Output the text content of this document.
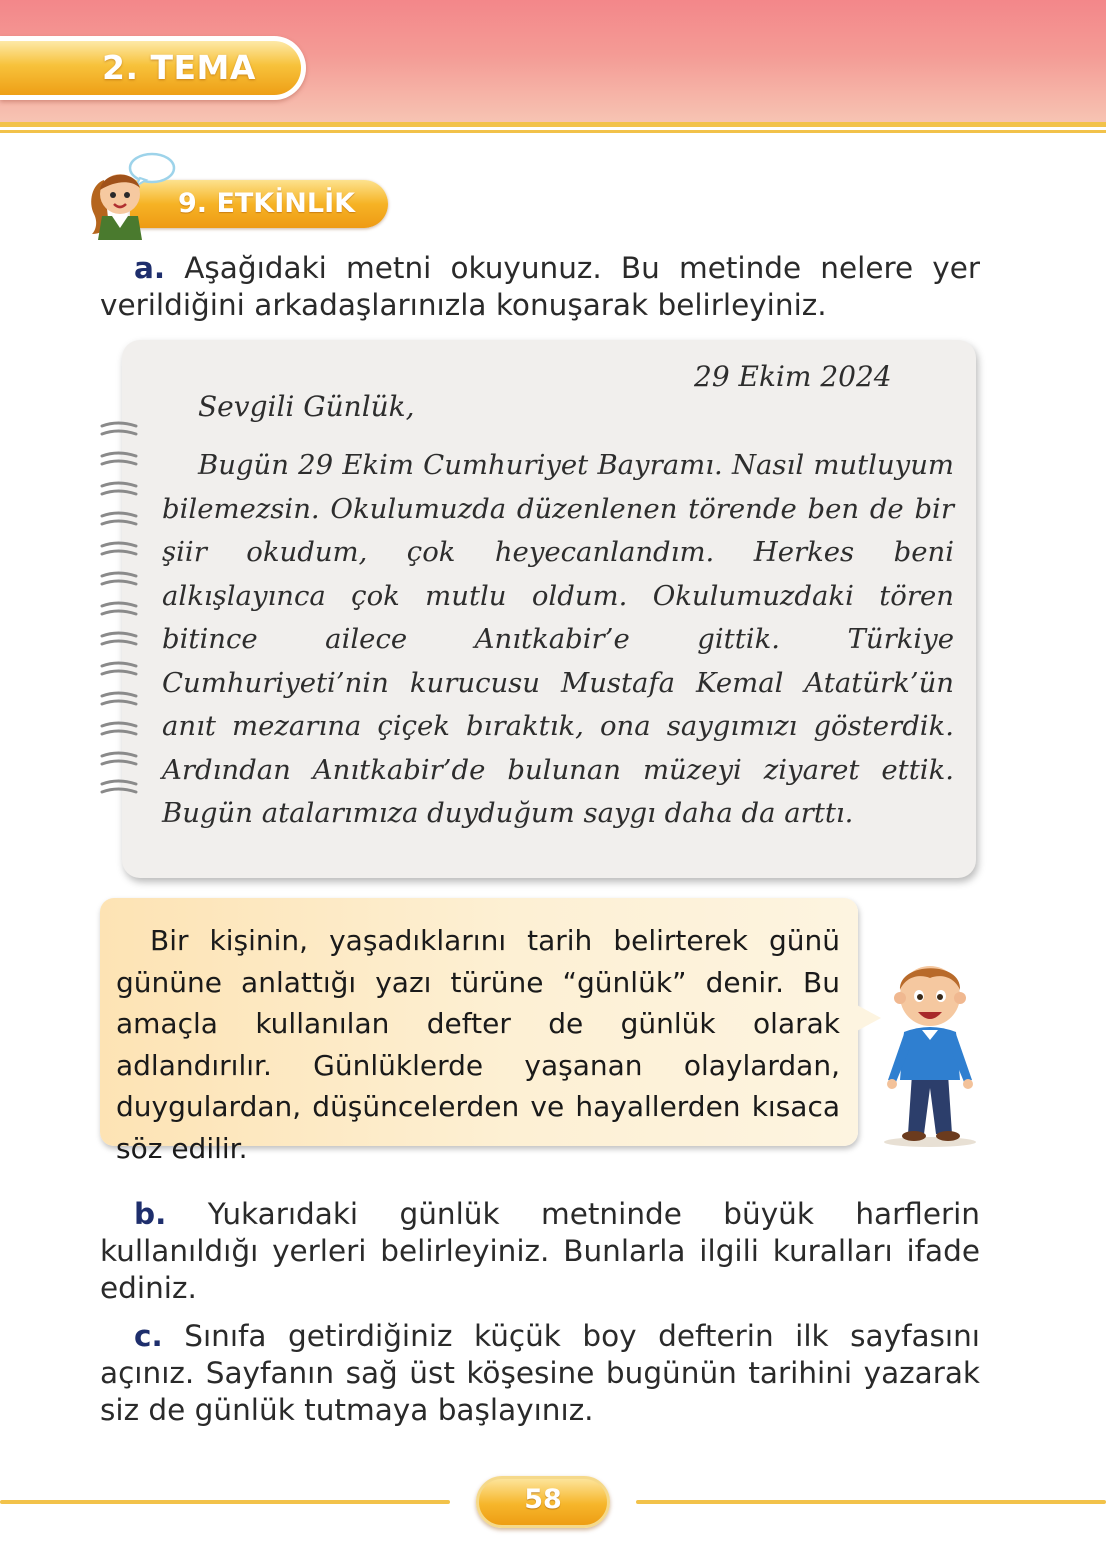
2. TEMA
9. ETKİNLİK
a. Aşağıdaki metni okuyunuz. Bu metinde nelere yer verildiğini arkadaşlarınızla konuşarak belirleyiniz.
29 Ekim 2024
Sevgili Günlük,
Bugün 29 Ekim Cumhuriyet Bayramı. Nasıl mutluyum bilemezsin. Okulumuzda düzenlenen törende ben de bir şiir okudum, çok heyecanlandım. Herkes beni alkışlayınca çok mutlu oldum. Okulumuzdaki tören bitince ailece Anıtkabir’e gittik. Türkiye Cumhuriyeti’nin kurucusu Mustafa Kemal Atatürk’ün anıt mezarına çiçek bıraktık, ona saygımızı gösterdik. Ardından Anıtkabir’de bulunan müzeyi ziyaret ettik. Bugün atalarımıza duyduğum saygı daha da arttı.
Bir kişinin, yaşadıklarını tarih belirterek günü gününe anlattığı yazı türüne “günlük” denir. Bu amaçla kullanılan defter de günlük olarak adlandırılır. Günlüklerde yaşanan olaylardan, duygulardan, düşüncelerden ve hayallerden kısaca söz edilir.
b. Yukarıdaki günlük metninde büyük harflerin kullanıldığı yerleri belirleyiniz. Bunlarla ilgili kuralları ifade ediniz.
c. Sınıfa getirdiğiniz küçük boy defterin ilk sayfasını açınız. Sayfanın sağ üst köşesine bugünün tarihini yazarak siz de günlük tutmaya başlayınız.
58
